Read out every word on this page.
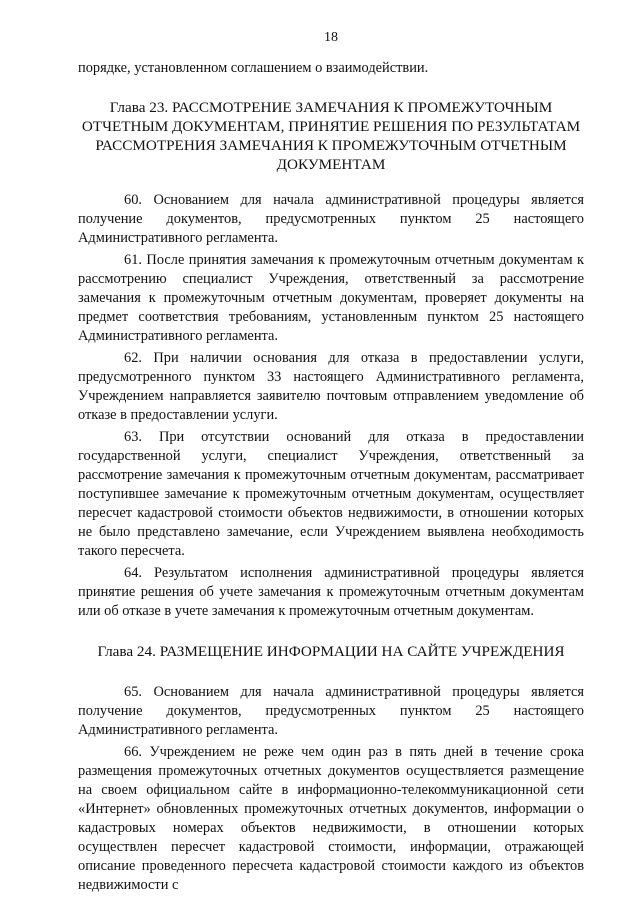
18

порядке, установленном соглашением о взаимодействии.

Глава 23. РАССМОТРЕНИЕ ЗАМЕЧАНИЯ К ПРОМЕЖУТОЧНЫМ ОТЧЕТНЫМ ДОКУМЕНТАМ, ПРИНЯТИЕ РЕШЕНИЯ ПО РЕЗУЛЬТАТАМ РАССМОТРЕНИЯ ЗАМЕЧАНИЯ К ПРОМЕЖУТОЧНЫМ ОТЧЕТНЫМ ДОКУМЕНТАМ

60. Основанием для начала административной процедуры является получение документов, предусмотренных пунктом 25 настоящего Административного регламента.

61. После принятия замечания к промежуточным отчетным документам к рассмотрению специалист Учреждения, ответственный за рассмотрение замечания к промежуточным отчетным документам, проверяет документы на предмет соответствия требованиям, установленным пунктом 25 настоящего Административного регламента.

62. При наличии основания для отказа в предоставлении услуги, предусмотренного пунктом 33 настоящего Административного регламента, Учреждением направляется заявителю почтовым отправлением уведомление об отказе в предоставлении услуги.

63. При отсутствии оснований для отказа в предоставлении государственной услуги, специалист Учреждения, ответственный за рассмотрение замечания к промежуточным отчетным документам, рассматривает поступившее замечание к промежуточным отчетным документам, осуществляет пересчет кадастровой стоимости объектов недвижимости, в отношении которых не было представлено замечание, если Учреждением выявлена необходимость такого пересчета.

64. Результатом исполнения административной процедуры является принятие решения об учете замечания к промежуточным отчетным документам или об отказе в учете замечания к промежуточным отчетным документам.

Глава 24. РАЗМЕЩЕНИЕ ИНФОРМАЦИИ НА САЙТЕ УЧРЕЖДЕНИЯ

65. Основанием для начала административной процедуры является получение документов, предусмотренных пунктом 25 настоящего Административного регламента.

66. Учреждением не реже чем один раз в пять дней в течение срока размещения промежуточных отчетных документов осуществляется размещение на своем официальном сайте в информационно-телекоммуникационной сети «Интернет» обновленных промежуточных отчетных документов, информации о кадастровых номерах объектов недвижимости, в отношении которых осуществлен пересчет кадастровой стоимости, информации, отражающей описание проведенного пересчета кадастровой стоимости каждого из объектов недвижимости с
